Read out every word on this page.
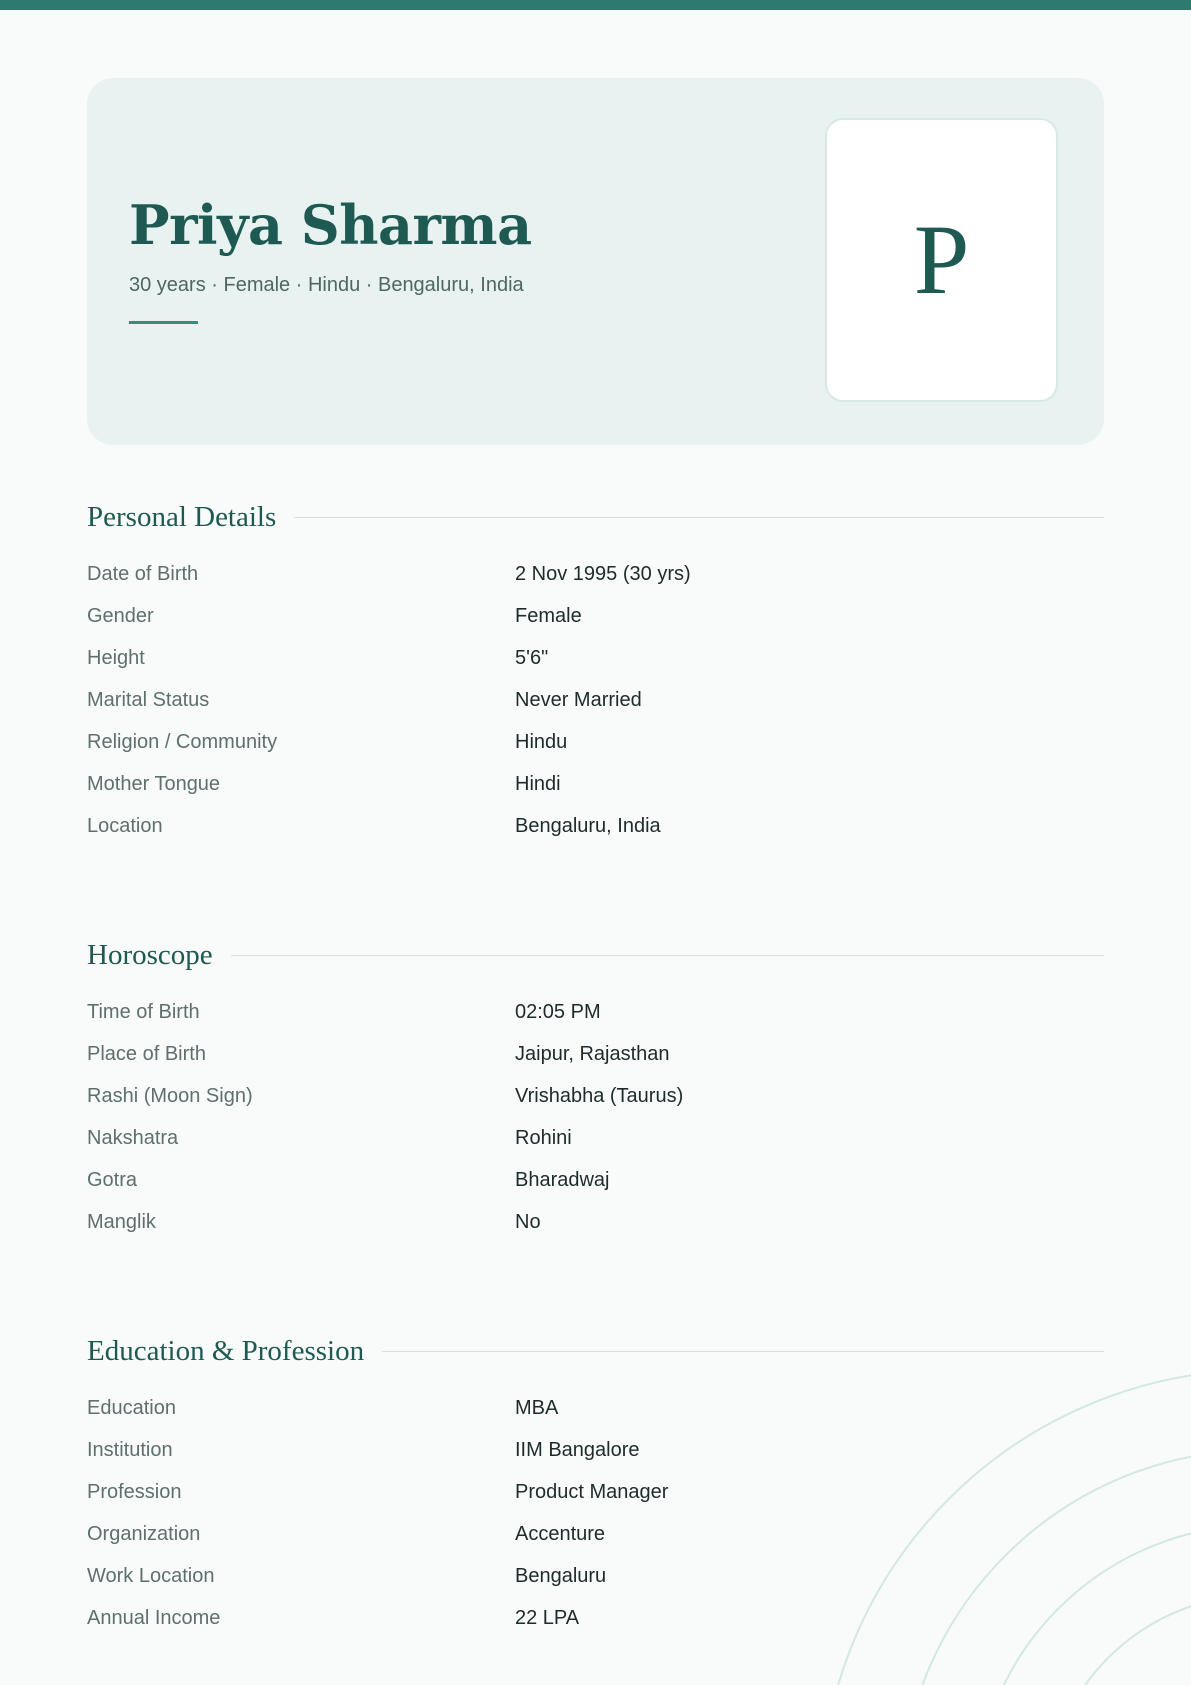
Priya Sharma
30 years · Female · Hindu · Bengaluru, India	P
Personal Details
Date of Birth	2 Nov 1995 (30 yrs)
Gender	Female
Height	5'6"
Marital Status	Never Married
Religion / Community	Hindu
Mother Tongue	Hindi
Location	Bengaluru, India
Horoscope
Time of Birth	02:05 PM
Place of Birth	Jaipur, Rajasthan
Rashi (Moon Sign)	Vrishabha (Taurus)
Nakshatra	Rohini
Gotra	Bharadwaj
Manglik	No
Education & Profession
Education	MBA
Institution	IIM Bangalore
Profession	Product Manager
Organization	Accenture
Work Location	Bengaluru
Annual Income	22 LPA
